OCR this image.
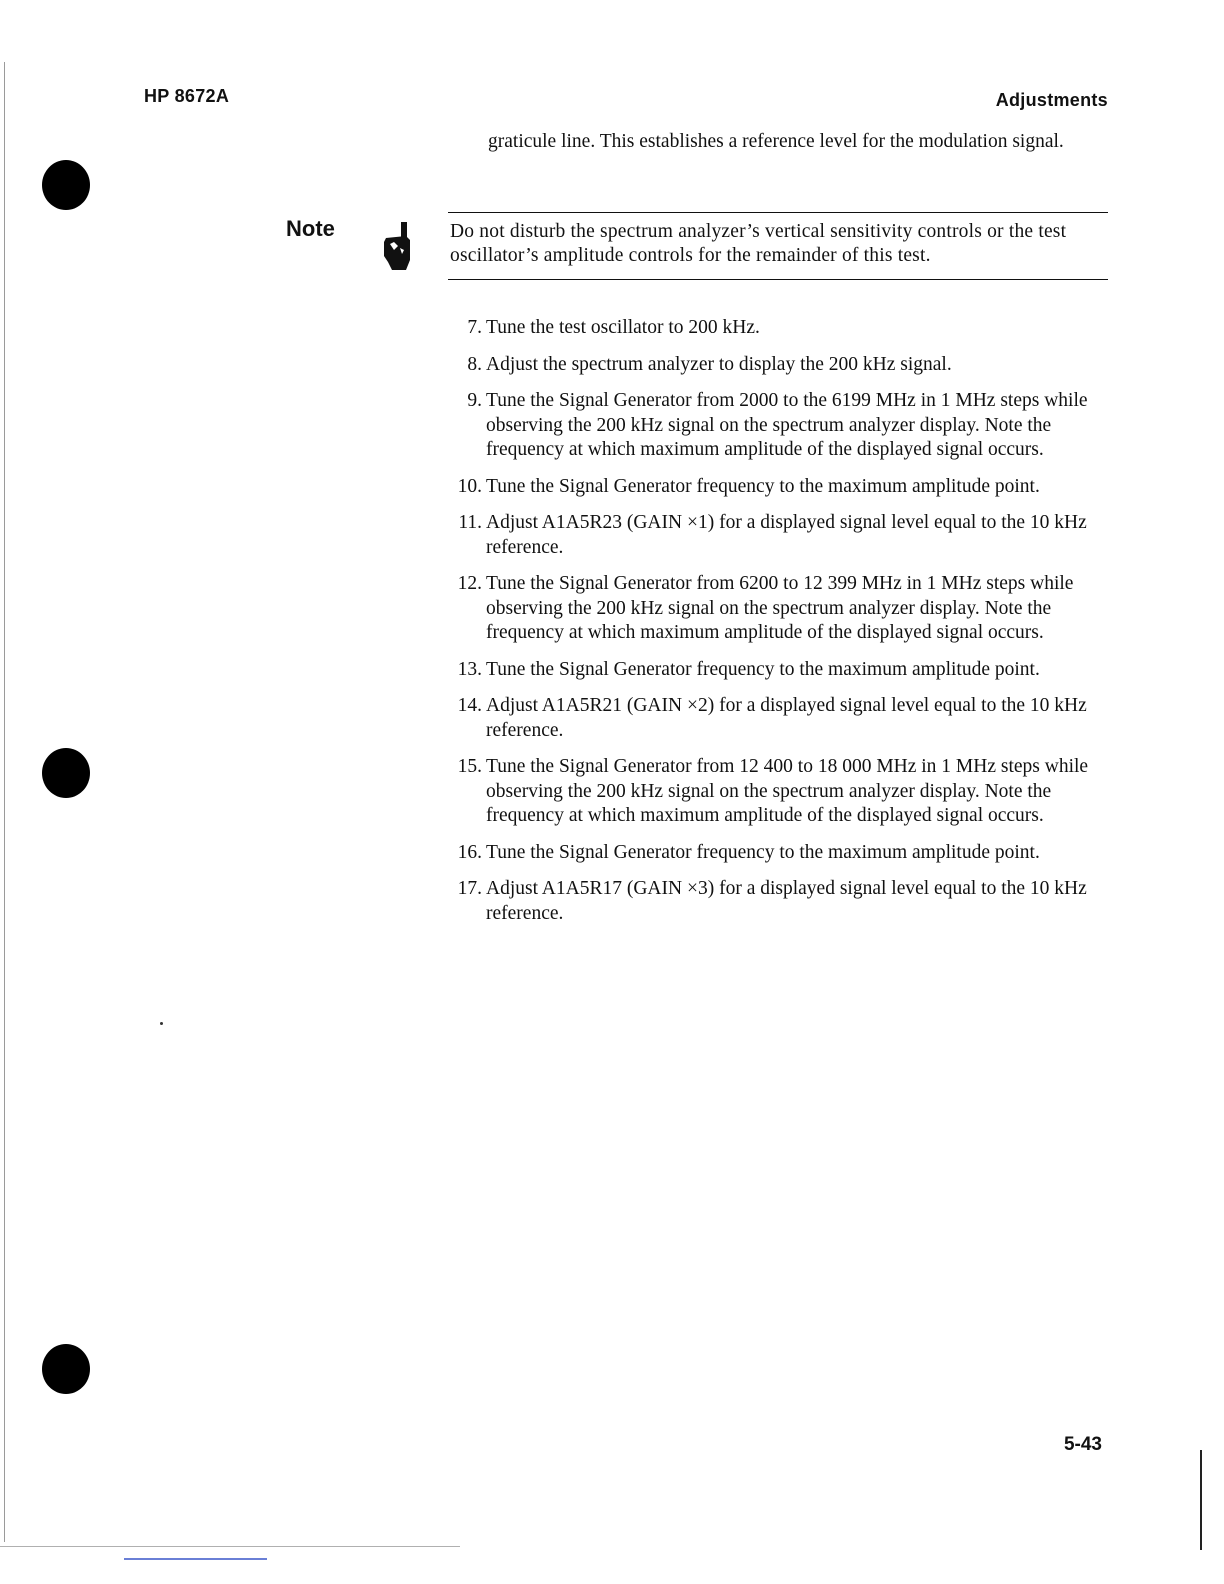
HP 8672A	Adjustments
graticule line. This establishes a reference level for the modulation signal.
Note	Do not disturb the spectrum analyzer’s vertical sensitivity controls or the test oscillator’s amplitude controls for the remainder of this test.
7. Tune the test oscillator to 200 kHz.
8. Adjust the spectrum analyzer to display the 200 kHz signal.
9. Tune the Signal Generator from 2000 to the 6199 MHz in 1 MHz steps while observing the 200 kHz signal on the spectrum analyzer display. Note the frequency at which maximum amplitude of the displayed signal occurs.
10. Tune the Signal Generator frequency to the maximum amplitude point.
11. Adjust A1A5R23 (GAIN ×1) for a displayed signal level equal to the 10 kHz reference.
12. Tune the Signal Generator from 6200 to 12 399 MHz in 1 MHz steps while observing the 200 kHz signal on the spectrum analyzer display. Note the frequency at which maximum amplitude of the displayed signal occurs.
13. Tune the Signal Generator frequency to the maximum amplitude point.
14. Adjust A1A5R21 (GAIN ×2) for a displayed signal level equal to the 10 kHz reference.
15. Tune the Signal Generator from 12 400 to 18 000 MHz in 1 MHz steps while observing the 200 kHz signal on the spectrum analyzer display. Note the frequency at which maximum amplitude of the displayed signal occurs.
16. Tune the Signal Generator frequency to the maximum amplitude point.
17. Adjust A1A5R17 (GAIN ×3) for a displayed signal level equal to the 10 kHz reference.
5-43
